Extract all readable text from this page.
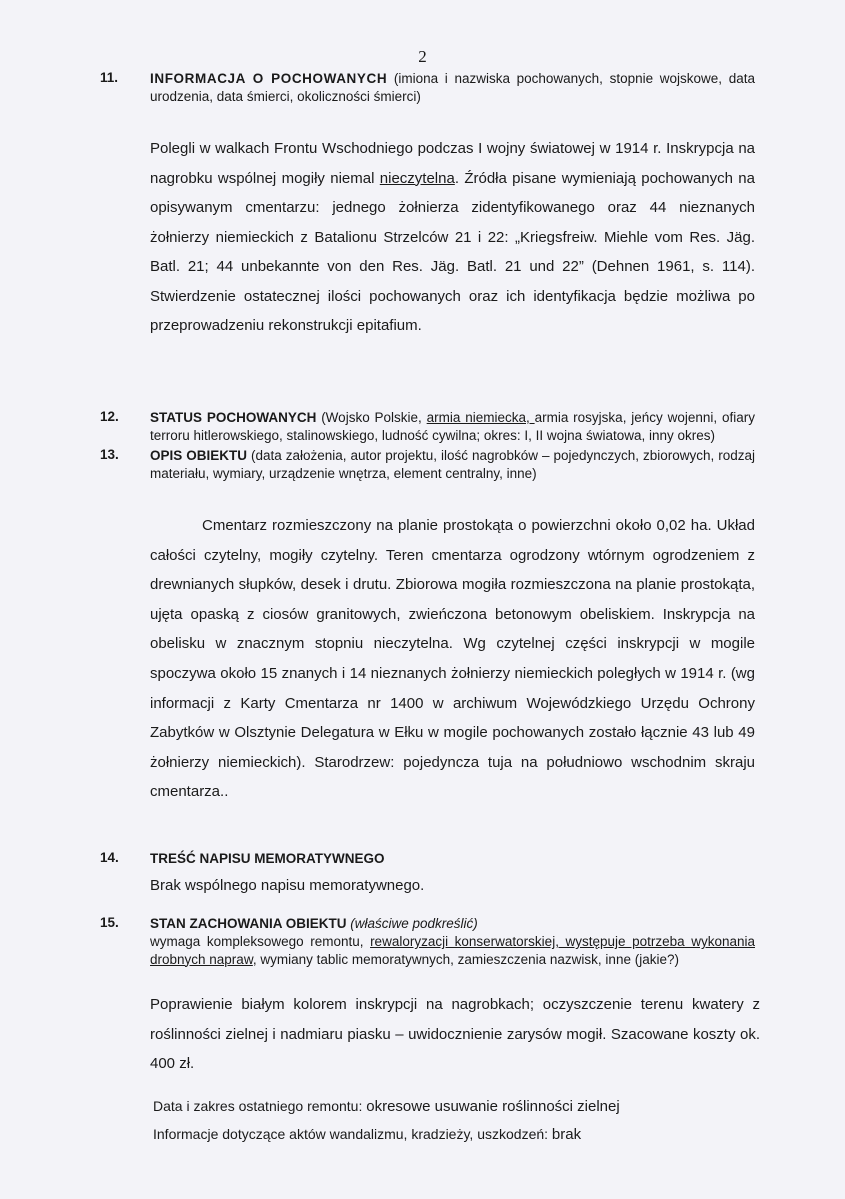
2
11. INFORMACJA O POCHOWANYCH (imiona i nazwiska pochowanych, stopnie wojskowe, data urodzenia, data śmierci, okoliczności śmierci)
Polegli w walkach Frontu Wschodniego podczas I wojny światowej w 1914 r. Inskrypcja na nagrobku wspólnej mogiły niemal nieczytelna. Źródła pisane wymieniają pochowanych na opisywanym cmentarzu: jednego żołnierza zidentyfikowanego oraz 44 nieznanych żołnierzy niemieckich z Batalionu Strzelców 21 i 22: „Kriegsfreiw. Miehle vom Res. Jäg. Batl. 21; 44 unbekannte von den Res. Jäg. Batl. 21 und 22” (Dehnen 1961, s. 114). Stwierdzenie ostatecznej ilości pochowanych oraz ich identyfikacja będzie możliwa po przeprowadzeniu rekonstrukcji epitafium.
12. STATUS POCHOWANYCH (Wojsko Polskie, armia niemiecka, armia rosyjska, jeńcy wojenni, ofiary terroru hitlerowskiego, stalinowskiego, ludność cywilna; okres: I, II wojna światowa, inny okres)
13. OPIS OBIEKTU (data założenia, autor projektu, ilość nagrobków – pojedynczych, zbiorowych, rodzaj materiału, wymiary, urządzenie wnętrza, element centralny, inne)
Cmentarz rozmieszczony na planie prostokąta o powierzchni około 0,02 ha. Układ całości czytelny, mogiły czytelny. Teren cmentarza ogrodzony wtórnym ogrodzeniem z drewnianych słupków, desek i drutu. Zbiorowa mogiła rozmieszczona na planie prostokąta, ujęta opaską z ciosów granitowych, zwieńczona betonowym obeliskiem. Inskrypcja na obelisku w znacznym stopniu nieczytelna. Wg czytelnej części inskrypcji w mogile spoczywa około 15 znanych i 14 nieznanych żołnierzy niemieckich poległych w 1914 r. (wg informacji z Karty Cmentarza nr 1400 w archiwum Wojewódzkiego Urzędu Ochrony Zabytków w Olsztynie Delegatura w Ełku w mogile pochowanych zostało łącznie 43 lub 49 żołnierzy niemieckich). Starodrzew: pojedyncza tuja na południowo wschodnim skraju cmentarza..
14. TREŚĆ NAPISU MEMORATYWNEGO
Brak wspólnego napisu memoratywnego.
15. STAN ZACHOWANIA OBIEKTU (właściwe podkreślić)
wymaga kompleksowego remontu, rewaloryzacji konserwatorskiej, występuje potrzeba wykonania drobnych napraw, wymiany tablic memoratywnych, zamieszczenia nazwisk, inne (jakie?)
Poprawienie białym kolorem inskrypcji na nagrobkach; oczyszczenie terenu kwatery z roślinności zielnej i nadmiaru piasku – uwidocznienie zarysów mogił. Szacowane koszty ok. 400 zł.
Data i zakres ostatniego remontu: okresowe usuwanie roślinności zielnej
Informacje dotyczące aktów wandalizmu, kradzieży, uszkodzeń: brak
